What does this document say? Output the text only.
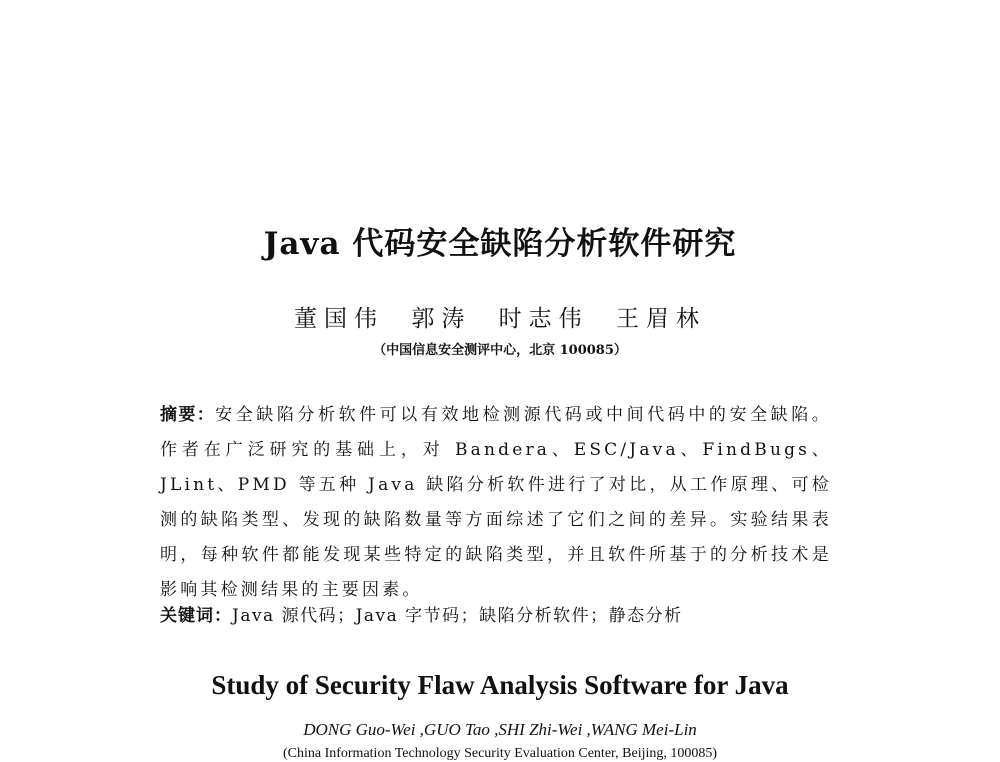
Java 代码安全缺陷分析软件研究
董国伟 郭涛 时志伟 王眉林
（中国信息安全测评中心，北京 100085）
摘要：安全缺陷分析软件可以有效地检测源代码或中间代码中的安全缺陷。作者在广泛研究的基础上，对 Bandera、ESC/Java、FindBugs、JLint、PMD 等五种 Java 缺陷分析软件进行了对比，从工作原理、可检测的缺陷类型、发现的缺陷数量等方面综述了它们之间的差异。实验结果表明，每种软件都能发现某些特定的缺陷类型，并且软件所基于的分析技术是影响其检测结果的主要因素。
关键词：Java 源代码；Java 字节码；缺陷分析软件；静态分析
Study of Security Flaw Analysis Software for Java
DONG Guo-Wei ,GUO Tao ,SHI Zhi-Wei ,WANG Mei-Lin
(China Information Technology Security Evaluation Center, Beijing, 100085)
